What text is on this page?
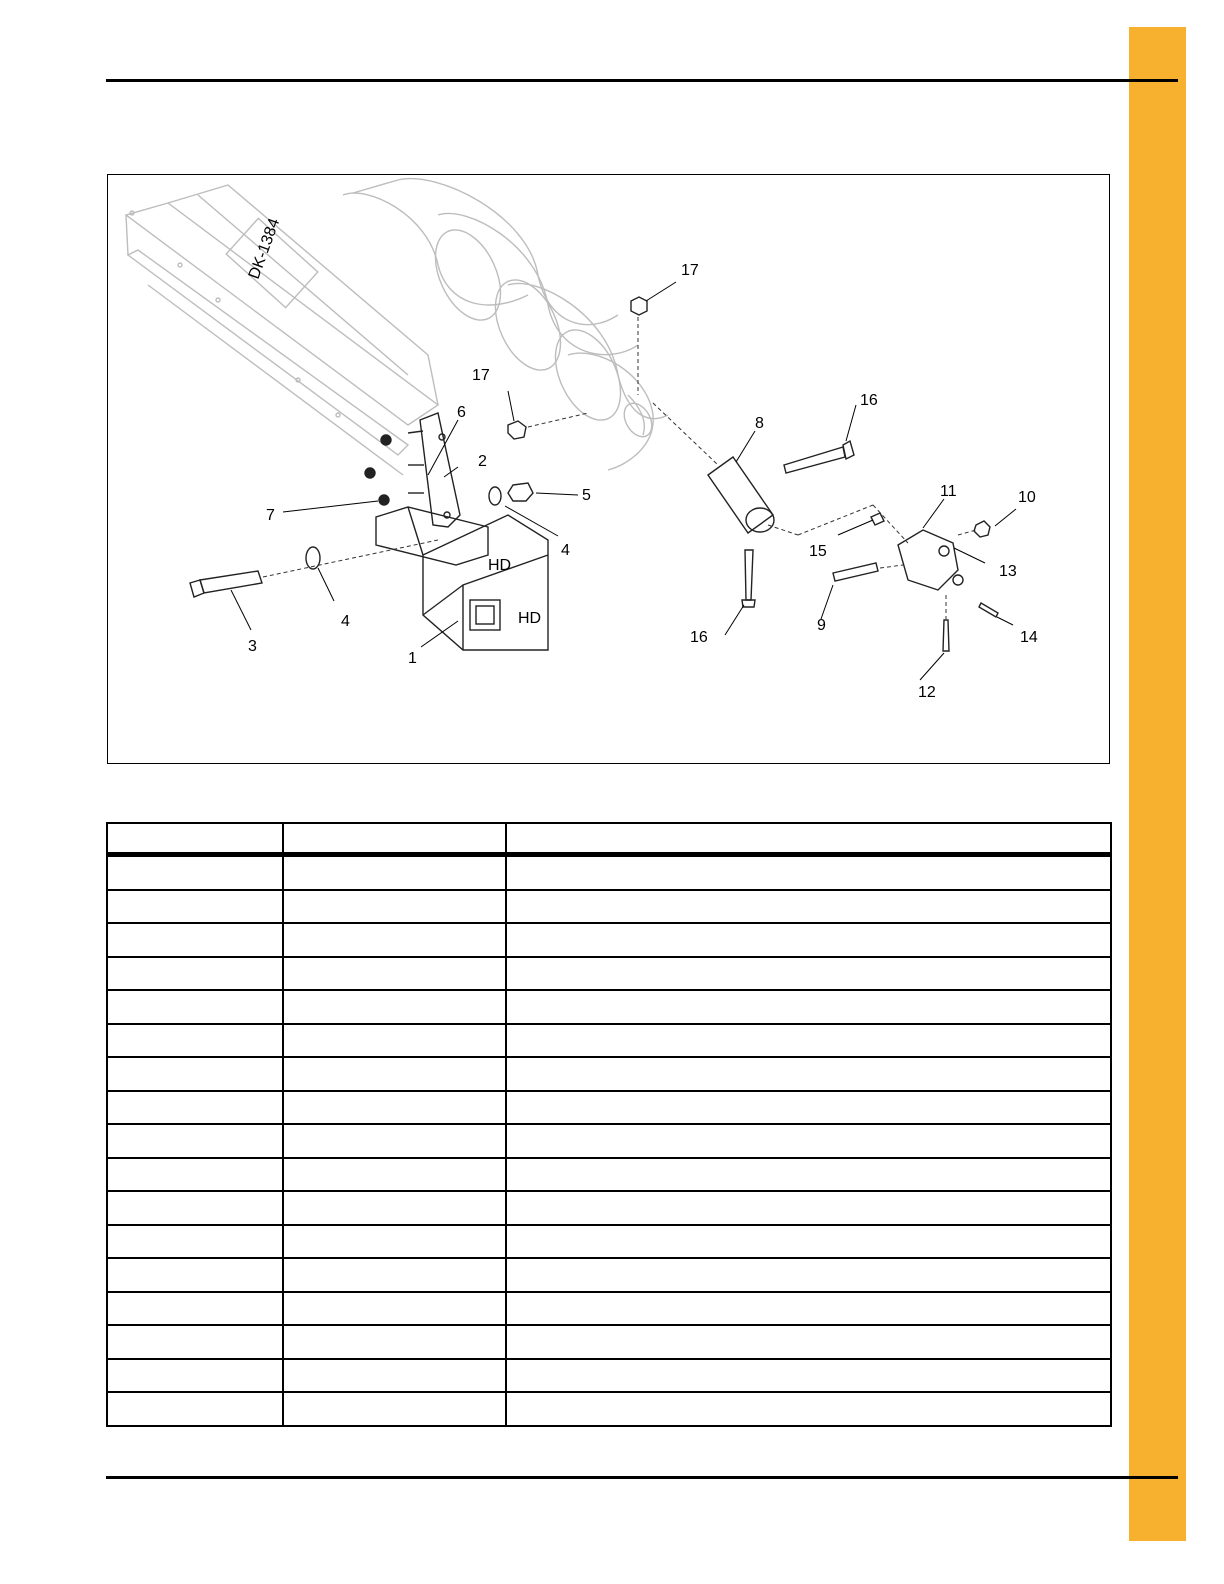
DK-1384
HD
HD
1
2
3
4
4
5
6
7
8
9
10
11
12
13
14
15
16
16
17
17
